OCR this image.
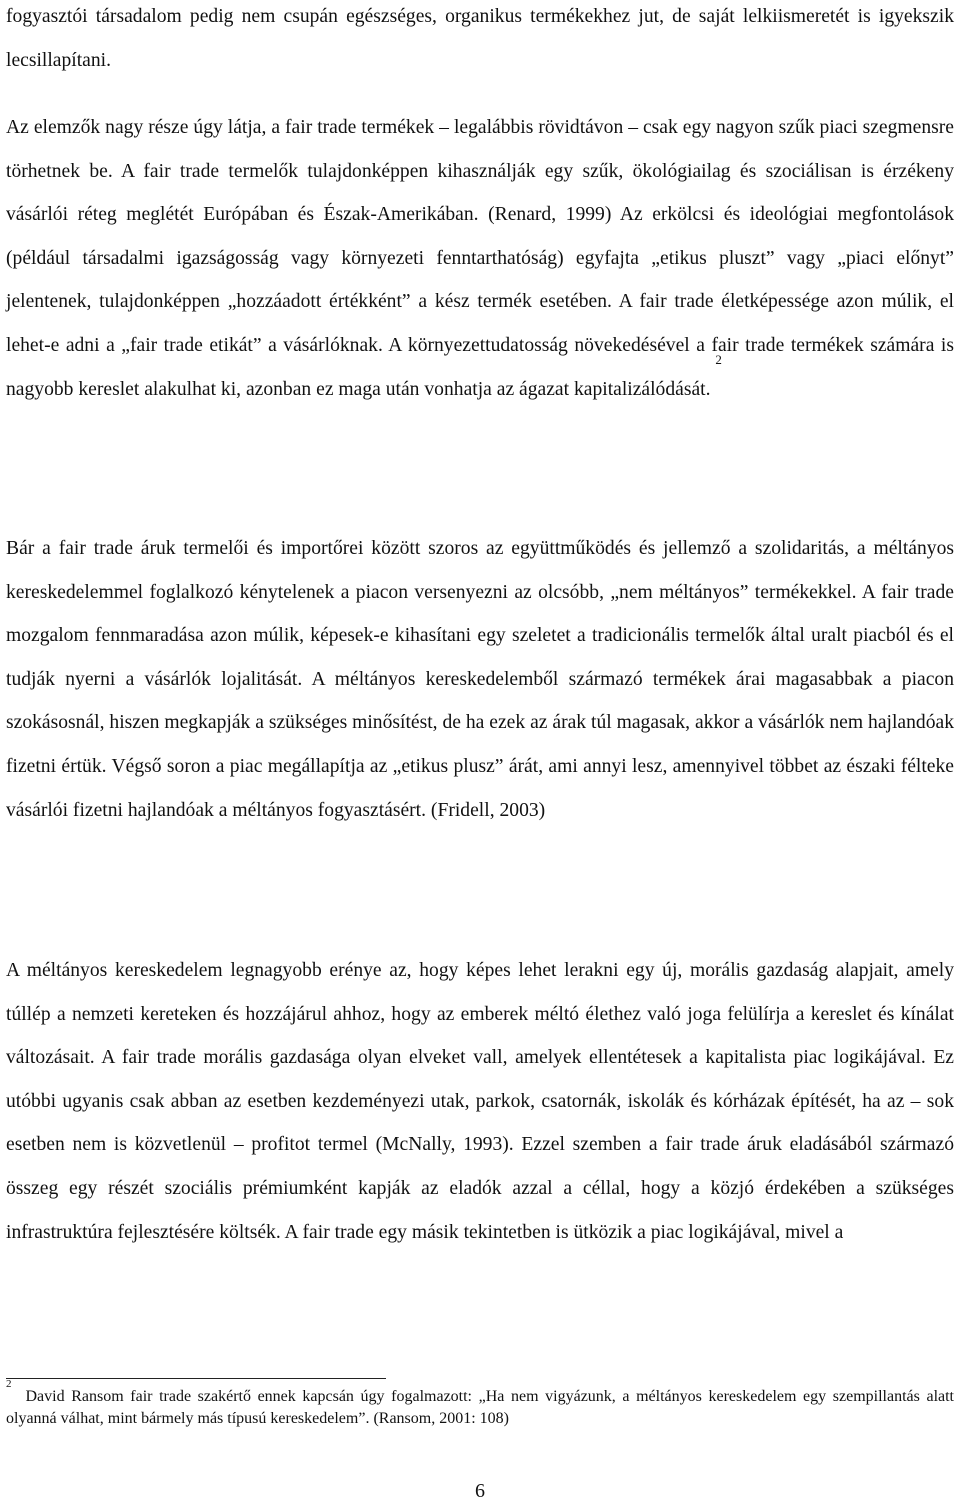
fogyasztói társadalom pedig nem csupán egészséges, organikus termékekhez jut, de saját lelkiismeretét is igyekszik lecsillapítani.

Az elemzők nagy része úgy látja, a fair trade termékek – legalábbis rövidtávon – csak egy nagyon szűk piaci szegmensre törhetnek be. A fair trade termelők tulajdonképpen kihasználják egy szűk, ökológiailag és szociálisan is érzékeny vásárlói réteg meglétét Európában és Észak-Amerikában. (Renard, 1999) Az erkölcsi és ideológiai megfontolások (például társadalmi igazságosság vagy környezeti fenntarthatóság) egyfajta „etikus pluszt” vagy „piaci előnyt” jelentenek, tulajdonképpen „hozzáadott értékként” a kész termék esetében. A fair trade életképessége azon múlik, el lehet-e adni a „fair trade etikát” a vásárlóknak. A környezettudatosság növekedésével a fair trade termékek számára is nagyobb kereslet alakulhat ki, azonban ez maga után vonhatja az ágazat kapitalizálódását. $^2$

Bár a fair trade áruk termelői és importőrei között szoros az együttműködés és jellemző a szolidaritás, a méltányos kereskedelemmel foglalkozó kénytelenek a piacon versenyezni az olcsóbb, „nem méltányos” termékekkel. A fair trade mozgalom fennmaradása azon múlik, képesek-e kihasítani egy szeletet a tradicionális termelők által uralt piacból és el tudják nyerni a vásárlók lojalitását. A méltányos kereskedelemből származó termékek árai magasabbak a piacon szokásosnál, hiszen megkapják a szükséges minősítést, de ha ezek az árak túl magasak, akkor a vásárlók nem hajlandóak fizetni értük. Végső soron a piac megállapítja az „etikus plusz” árát, ami annyi lesz, amennyivel többet az északi félteke vásárlói fizetni hajlandóak a méltányos fogyasztásért. (Fridell, 2003)

A méltányos kereskedelem legnagyobb erénye az, hogy képes lehet lerakni egy új, morális gazdaság alapjait, amely túllép a nemzeti kereteken és hozzájárul ahhoz, hogy az emberek méltó élethez való joga felülírja a kereslet és kínálat változásait. A fair trade morális gazdasága olyan elveket vall, amelyek ellentétesek a kapitalista piac logikájával. Ez utóbbi ugyanis csak abban az esetben kezdeményezi utak, parkok, csatornák, iskolák és kórházak építését, ha az – sok esetben nem is közvetlenül – profitot termel (McNally, 1993). Ezzel szemben a fair trade áruk eladásából származó összeg egy részét szociális prémiumként kapják az eladók azzal a céllal, hogy a közjó érdekében a szükséges infrastruktúra fejlesztésére költsék. A fair trade egy másik tekintetben is ütközik a piac logikájával, mivel a

$^2$David Ransom fair trade szakértő ennek kapcsán úgy fogalmazott: „Ha nem vigyázunk, a méltányos kereskedelem egy szempillantás alatt olyanná válhat, mint bármely más típusú kereskedelem”. (Ransom, 2001: 108)

6
